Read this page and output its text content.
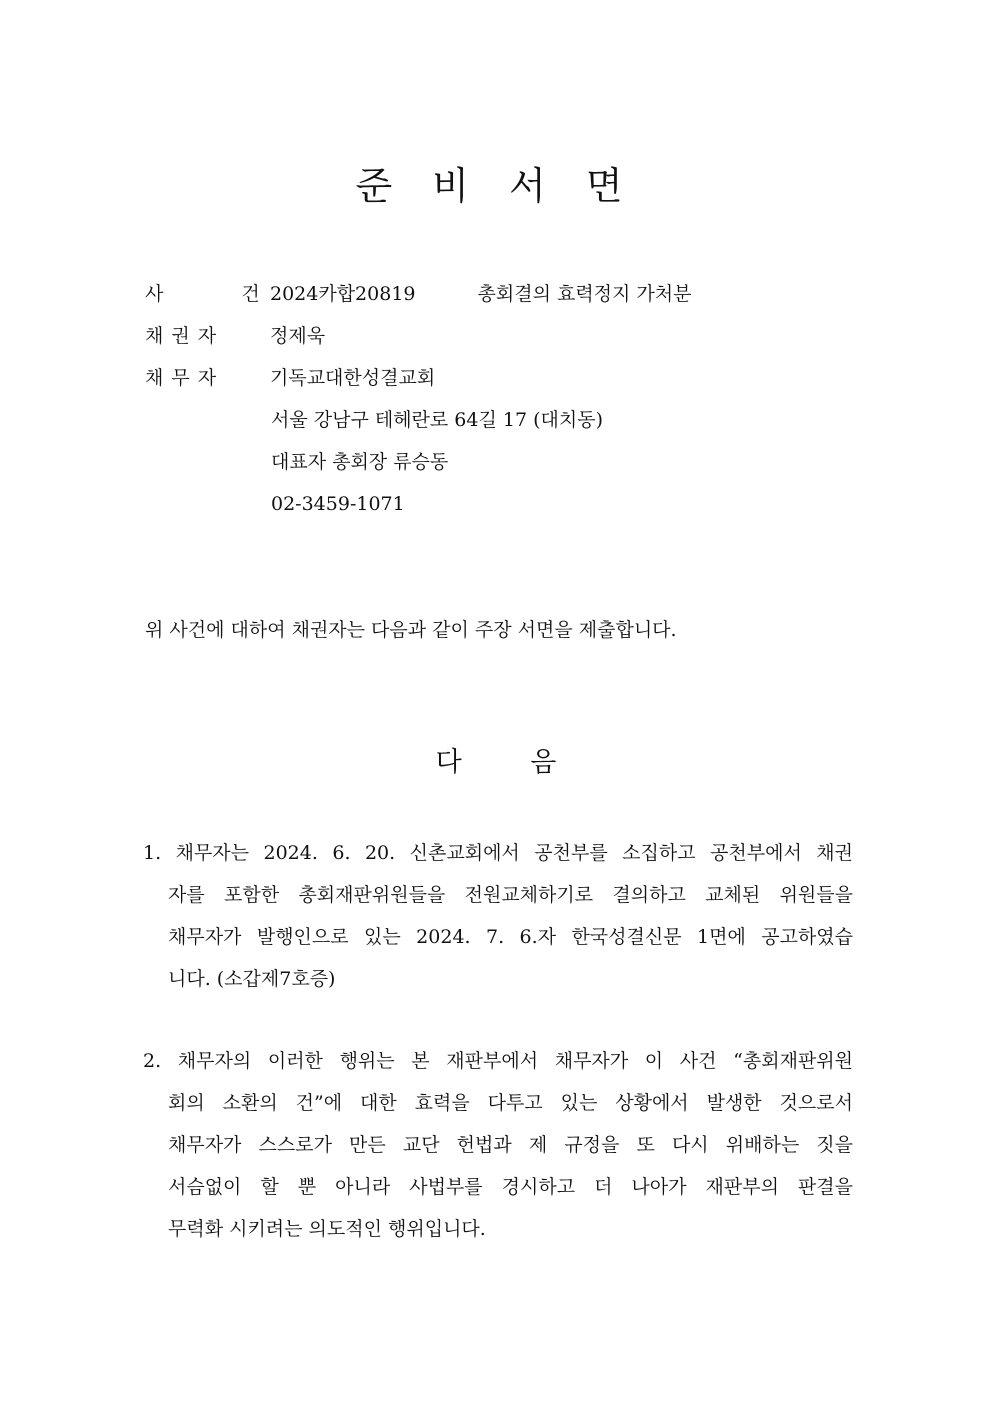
준 비 서 면
사 건2024카합20819	총회결의 효력정지 가처분
채권자 정제욱
채무자 기독교대한성결교회
서울 강남구 테헤란로 64길 17 (대치동)
대표자 총회장 류승동
02-3459-1071
위 사건에 대하여 채권자는 다음과 같이 주장 서면을 제출합니다.
다 음
1. 채무자는 2024. 6. 20. 신촌교회에서 공천부를 소집하고 공천부에서 채권
자를 포함한 총회재판위원들을 전원교체하기로 결의하고 교체된 위원들을
채무자가 발행인으로 있는 2024. 7. 6.자 한국성결신문 1면에 공고하였습
니다. (소갑제7호증)
2. 채무자의 이러한 행위는 본 재판부에서 채무자가 이 사건 “총회재판위원
회의 소환의 건”에 대한 효력을 다투고 있는 상황에서 발생한 것으로서
채무자가 스스로가 만든 교단 헌법과 제 규정을 또 다시 위배하는 짓을
서슴없이 할 뿐 아니라 사법부를 경시하고 더 나아가 재판부의 판결을
무력화 시키려는 의도적인 행위입니다.
